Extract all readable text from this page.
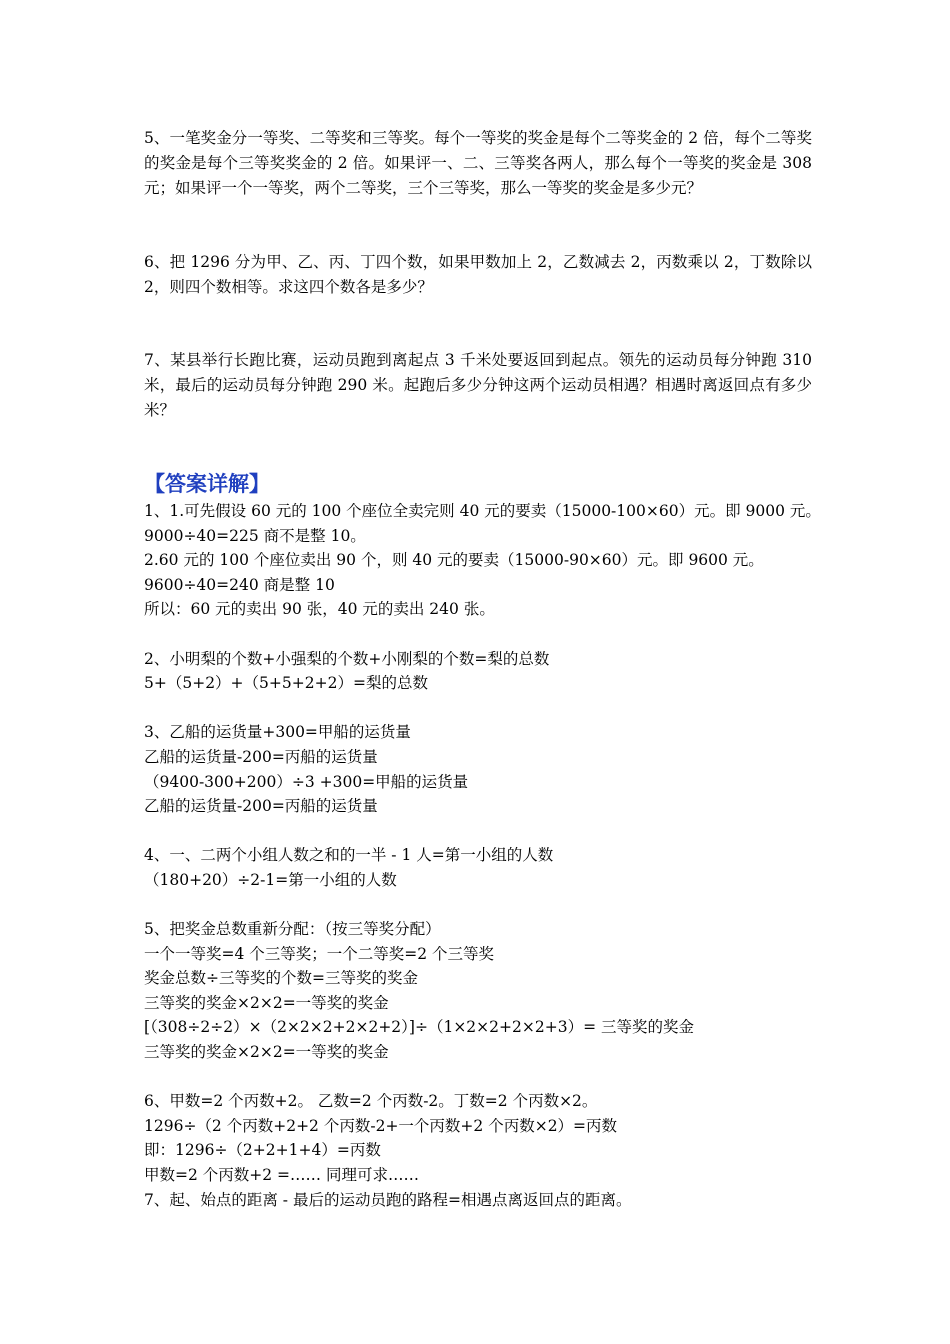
5、一笔奖金分一等奖、二等奖和三等奖。每个一等奖的奖金是每个二等奖金的 2 倍，每个二等奖的奖金是每个三等奖奖金的 2 倍。如果评一、二、三等奖各两人，那么每个一等奖的奖金是 308 元；如果评一个一等奖，两个二等奖，三个三等奖，那么一等奖的奖金是多少元？

6、把 1296 分为甲、乙、丙、丁四个数，如果甲数加上 2，乙数减去 2，丙数乘以 2，丁数除以 2，则四个数相等。求这四个数各是多少？

7、某县举行长跑比赛，运动员跑到离起点 3 千米处要返回到起点。领先的运动员每分钟跑 310 米，最后的运动员每分钟跑 290 米。起跑后多少分钟这两个运动员相遇？相遇时离返回点有多少米？

【答案详解】

1、1.可先假设 60 元的 100 个座位全卖完则 40 元的要卖（15000-100×60）元。即 9000 元。

9000÷40=225 商不是整 10。

2.60 元的 100 个座位卖出 90 个，则 40 元的要卖（15000-90×60）元。即 9600 元。

9600÷40=240 商是整 10

所以：60 元的卖出 90 张，40 元的卖出 240 张。

2、小明梨的个数+小强梨的个数+小刚梨的个数=梨的总数

5+（5+2）+（5+5+2+2）=梨的总数

3、乙船的运货量+300=甲船的运货量

乙船的运货量-200=丙船的运货量

（9400-300+200）÷3 +300=甲船的运货量

乙船的运货量-200=丙船的运货量

4、一、二两个小组人数之和的一半 - 1 人=第一小组的人数

（180+20）÷2-1=第一小组的人数

5、把奖金总数重新分配：（按三等奖分配）

一个一等奖=4 个三等奖；一个二等奖=2 个三等奖

奖金总数÷三等奖的个数=三等奖的奖金

三等奖的奖金×2×2=一等奖的奖金

[（308÷2÷2）×（2×2×2+2×2+2）]÷（1×2×2+2×2+3）= 三等奖的奖金

三等奖的奖金×2×2=一等奖的奖金

6、甲数=2 个丙数+2。 乙数=2 个丙数-2。丁数=2 个丙数×2。

1296÷（2 个丙数+2+2 个丙数-2+一个丙数+2 个丙数×2）=丙数

即：1296÷（2+2+1+4）=丙数

甲数=2 个丙数+2 =…… 同理可求……

7、起、始点的距离 - 最后的运动员跑的路程=相遇点离返回点的距离。
